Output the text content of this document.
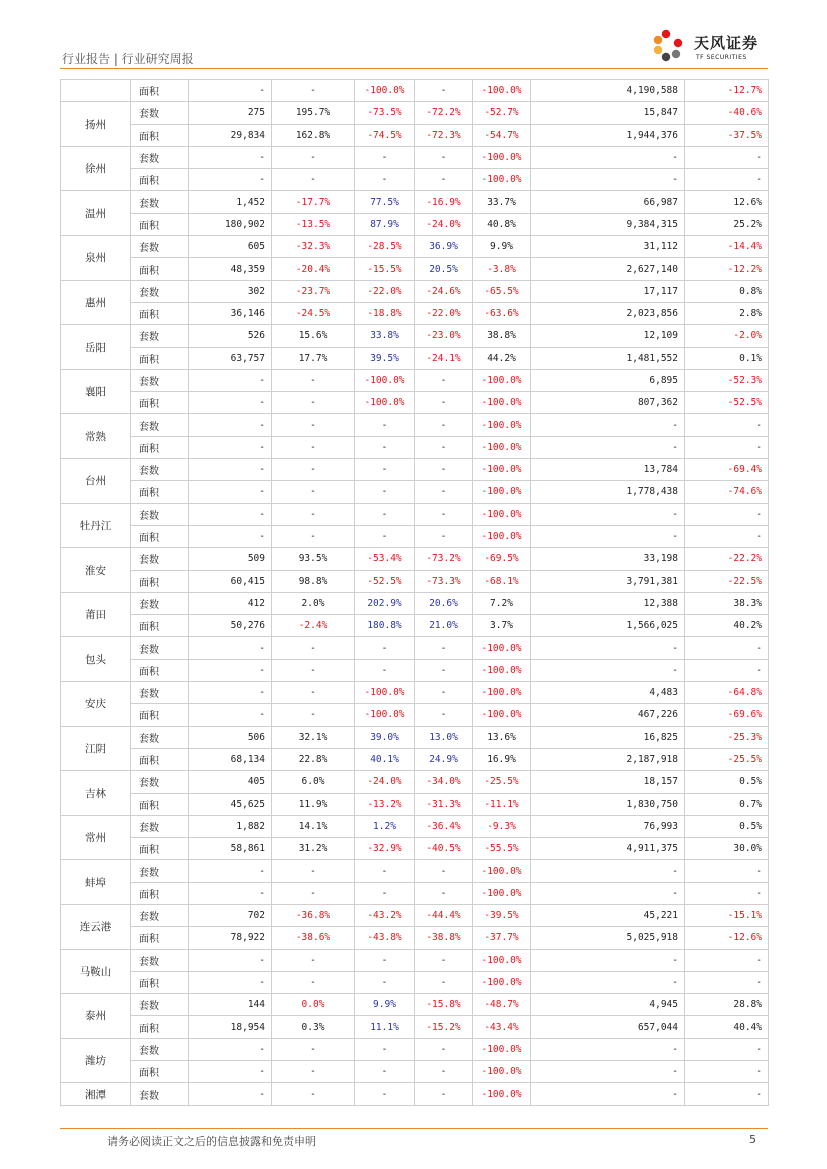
行业报告 | 行业研究周报
天风证券
TF SECURITIES
	面积	-	-	-100.0%	-	-100.0%	4,190,588	-12.7%
扬州	套数	275	195.7%	-73.5%	-72.2%	-52.7%	15,847	-40.6%
	面积	29,834	162.8%	-74.5%	-72.3%	-54.7%	1,944,376	-37.5%
徐州	套数	-	-	-	-	-100.0%	-	-
	面积	-	-	-	-	-100.0%	-	-
温州	套数	1,452	-17.7%	77.5%	-16.9%	33.7%	66,987	12.6%
	面积	180,902	-13.5%	87.9%	-24.0%	40.8%	9,384,315	25.2%
泉州	套数	605	-32.3%	-28.5%	36.9%	9.9%	31,112	-14.4%
	面积	48,359	-20.4%	-15.5%	20.5%	-3.8%	2,627,140	-12.2%
惠州	套数	302	-23.7%	-22.0%	-24.6%	-65.5%	17,117	0.8%
	面积	36,146	-24.5%	-18.8%	-22.0%	-63.6%	2,023,856	2.8%
岳阳	套数	526	15.6%	33.8%	-23.0%	38.8%	12,109	-2.0%
	面积	63,757	17.7%	39.5%	-24.1%	44.2%	1,481,552	0.1%
襄阳	套数	-	-	-100.0%	-	-100.0%	6,895	-52.3%
	面积	-	-	-100.0%	-	-100.0%	807,362	-52.5%
常熟	套数	-	-	-	-	-100.0%	-	-
	面积	-	-	-	-	-100.0%	-	-
台州	套数	-	-	-	-	-100.0%	13,784	-69.4%
	面积	-	-	-	-	-100.0%	1,778,438	-74.6%
牡丹江	套数	-	-	-	-	-100.0%	-	-
	面积	-	-	-	-	-100.0%	-	-
淮安	套数	509	93.5%	-53.4%	-73.2%	-69.5%	33,198	-22.2%
	面积	60,415	98.8%	-52.5%	-73.3%	-68.1%	3,791,381	-22.5%
莆田	套数	412	2.0%	202.9%	20.6%	7.2%	12,388	38.3%
	面积	50,276	-2.4%	180.8%	21.0%	3.7%	1,566,025	40.2%
包头	套数	-	-	-	-	-100.0%	-	-
	面积	-	-	-	-	-100.0%	-	-
安庆	套数	-	-	-100.0%	-	-100.0%	4,483	-64.8%
	面积	-	-	-100.0%	-	-100.0%	467,226	-69.6%
江阴	套数	506	32.1%	39.0%	13.0%	13.6%	16,825	-25.3%
	面积	68,134	22.8%	40.1%	24.9%	16.9%	2,187,918	-25.5%
吉林	套数	405	6.0%	-24.0%	-34.0%	-25.5%	18,157	0.5%
	面积	45,625	11.9%	-13.2%	-31.3%	-11.1%	1,830,750	0.7%
常州	套数	1,882	14.1%	1.2%	-36.4%	-9.3%	76,993	0.5%
	面积	58,861	31.2%	-32.9%	-40.5%	-55.5%	4,911,375	30.0%
蚌埠	套数	-	-	-	-	-100.0%	-	-
	面积	-	-	-	-	-100.0%	-	-
连云港	套数	702	-36.8%	-43.2%	-44.4%	-39.5%	45,221	-15.1%
	面积	78,922	-38.6%	-43.8%	-38.8%	-37.7%	5,025,918	-12.6%
马鞍山	套数	-	-	-	-	-100.0%	-	-
	面积	-	-	-	-	-100.0%	-	-
泰州	套数	144	0.0%	9.9%	-15.8%	-48.7%	4,945	28.8%
	面积	18,954	0.3%	11.1%	-15.2%	-43.4%	657,044	40.4%
潍坊	套数	-	-	-	-	-100.0%	-	-
	面积	-	-	-	-	-100.0%	-	-
湘潭	套数	-	-	-	-	-100.0%	-	-
请务必阅读正文之后的信息披露和免责申明	5
